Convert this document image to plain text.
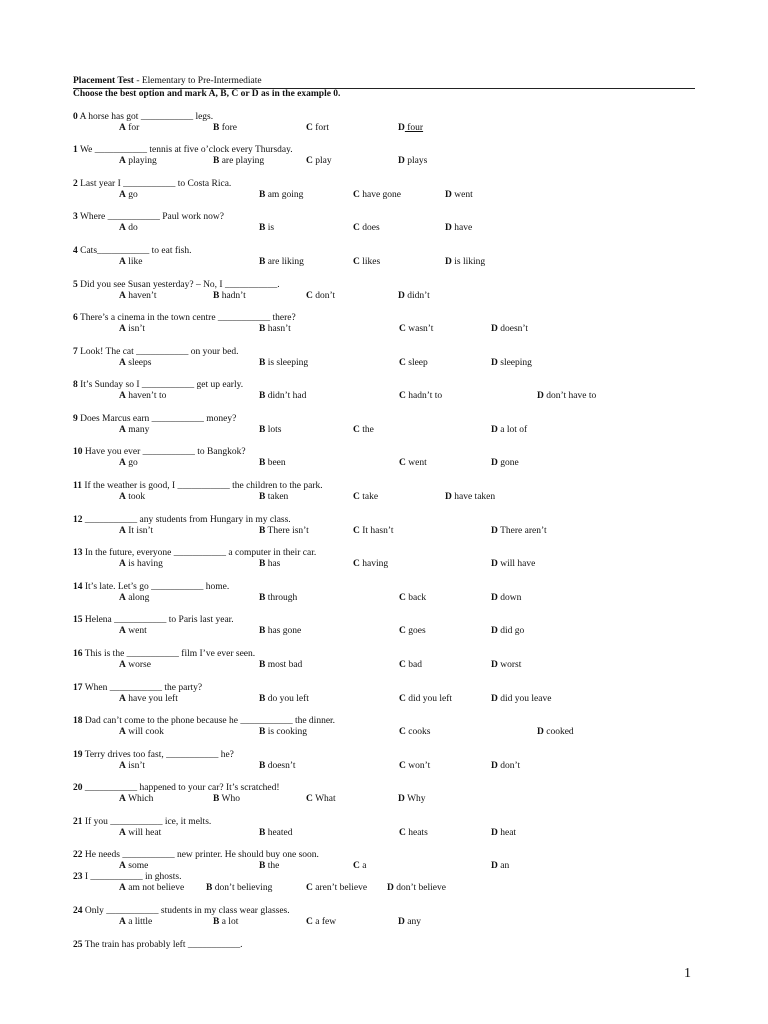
Placement Test - Elementary to Pre-Intermediate
Choose the best option and mark A, B, C or D as in the example 0.
0 A horse has got ___________ legs.
A for	B fore	C fort	D four
1 We ___________ tennis at five o’clock every Thursday.
A playing	B are playing	C play	D plays
2 Last year I ___________ to Costa Rica.
A go	B am going	C have gone	D went
3 Where ___________ Paul work now?
A do	B is	C does	D have
4 Cats___________ to eat fish.
A like	B are liking	C likes	D is liking
5 Did you see Susan yesterday? – No, I ___________.
A haven’t	B hadn’t	C don’t	D didn’t
6 There’s a cinema in the town centre ___________ there?
A isn’t	B hasn’t	C wasn’t	D doesn’t
7 Look! The cat ___________ on your bed.
A sleeps	B is sleeping	C sleep	D sleeping
8 It’s Sunday so I ___________ get up early.
A haven’t to	B didn’t had	C hadn’t to	D don’t have to
9 Does Marcus earn ___________ money?
A many	B lots	C the	D a lot of
10 Have you ever ___________ to Bangkok?
A go	B been	C went	D gone
11 If the weather is good, I ___________ the children to the park.
A took	B taken	C take	D have taken
12 ___________ any students from Hungary in my class.
A It isn’t	B There isn’t	C It hasn’t	D There aren’t
13 In the future, everyone ___________ a computer in their car.
A is having	B has	C having	D will have
14 It’s late. Let’s go ___________ home.
A along	B through	C back	D down
15 Helena ___________ to Paris last year.
A went	B has gone	C goes	D did go
16 This is the ___________ film I’ve ever seen.
A worse	B most bad	C bad	D worst
17 When ___________ the party?
A have you left	B do you left	C did you left	D did you leave
18 Dad can’t come to the phone because he ___________ the dinner.
A will cook	B is cooking	C cooks	D cooked
19 Terry drives too fast, ___________ he?
A isn’t	B doesn’t	C won’t	D don’t
20 ___________ happened to your car? It’s scratched!
A Which	B Who	C What	D Why
21 If you ___________ ice, it melts.
A will heat	B heated	C heats	D heat
22 He needs ___________ new printer. He should buy one soon.
A some	B the	C a	D an
23 I ___________ in ghosts.
A am not believe B don’t believing	C aren’t believe D don’t believe
24 Only ___________ students in my class wear glasses.
A a little	B a lot	C a few	D any
25 The train has probably left ___________.
1
